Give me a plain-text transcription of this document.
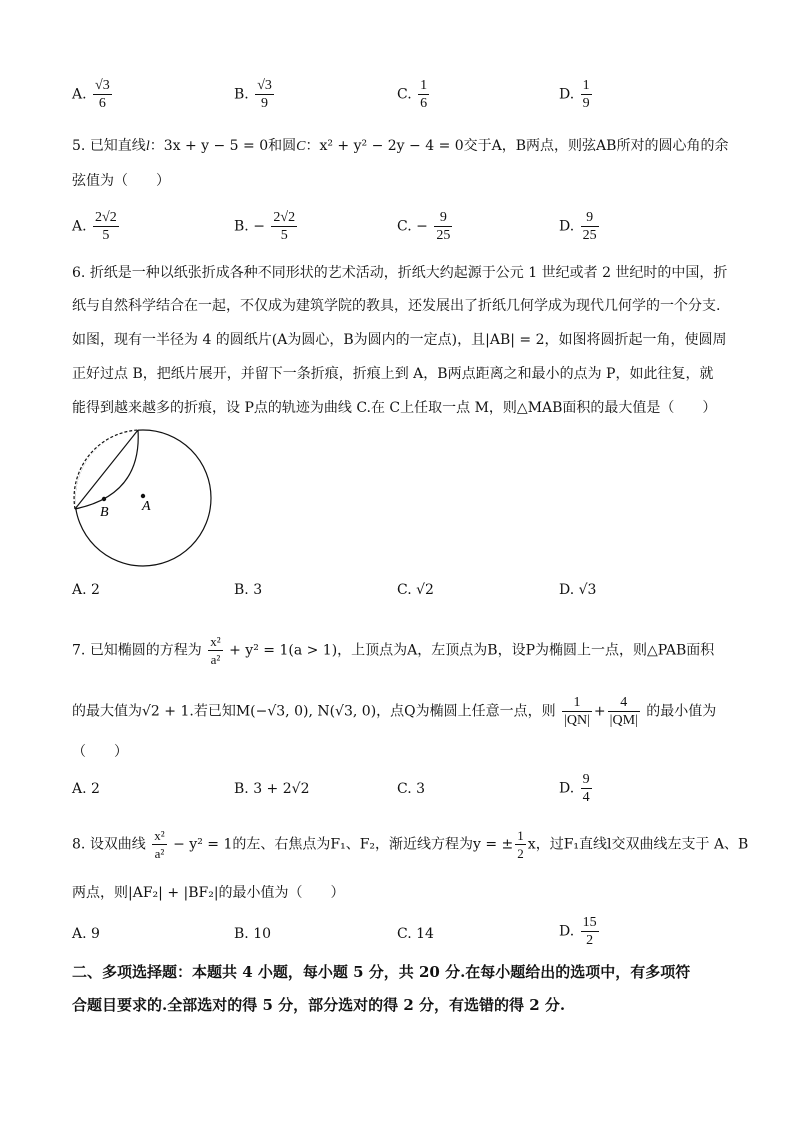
A. $\frac{√3}{6}$	B. $\frac{√3}{9}$	C. $\frac{1}{6}$	D. $\frac{1}{9}$
5. 已知直线l：3x + y − 5 = 0和圆C：x² + y² − 2y − 4 = 0交于A，B两点，则弦AB所对的圆心角的余
弦值为（　　）
A. $\frac{2√2}{5}$	B. − $\frac{2√2}{5}$	C. − $\frac{9}{25}$	D. $\frac{9}{25}$
6. 折纸是一种以纸张折成各种不同形状的艺术活动，折纸大约起源于公元 1 世纪或者 2 世纪时的中国，折
纸与自然科学结合在一起，不仅成为建筑学院的教具，还发展出了折纸几何学成为现代几何学的一个分支.
如图，现有一半径为 4 的圆纸片(A为圆心，B为圆内的一定点)，且|AB| = 2，如图将圆折起一角，使圆周
正好过点 B，把纸片展开，并留下一条折痕，折痕上到 A，B两点距离之和最小的点为 P，如此往复，就
能得到越来越多的折痕，设 P点的轨迹为曲线 C.在 C上任取一点 M，则△MAB面积的最大值是（　　）
B A
A. 2	B. 3	C. √2	D. √3
7. 已知椭圆的方程为 $\frac{\text{x²}}{\text{a²}} + y^2 = 1(a > 1)$，上顶点为A，左顶点为B，设P为椭圆上一点，则△PAB面积
的最大值为√2 + 1.若已知M(−√3, 0), N(√3, 0)，点Q为椭圆上任意一点，则 $\frac{1}{|QN|} + \frac{4}{|QM|}$ 的最小值为
（　　）
A. 2	B. 3 + 2√2	C. 3	D. $\frac{9}{4}$
8. 设双曲线 $\frac{\text{x²}}{\text{a²}} - y^2 = 1$的左、右焦点为F₁、F₂，渐近线方程为y = ± $\frac{1}{2}$ x，过F₁直线l交双曲线左支于 A、B
两点，则|AF₂| + |BF₂|的最小值为（　　）
A. 9	B. 10	C. 14	D. $\frac{15}{2}$
二、多项选择题：本题共 4 小题，每小题 5 分，共 20 分.在每小题给出的选项中，有多项符
合题目要求的.全部选对的得 5 分，部分选对的得 2 分，有选错的得 2 分.
